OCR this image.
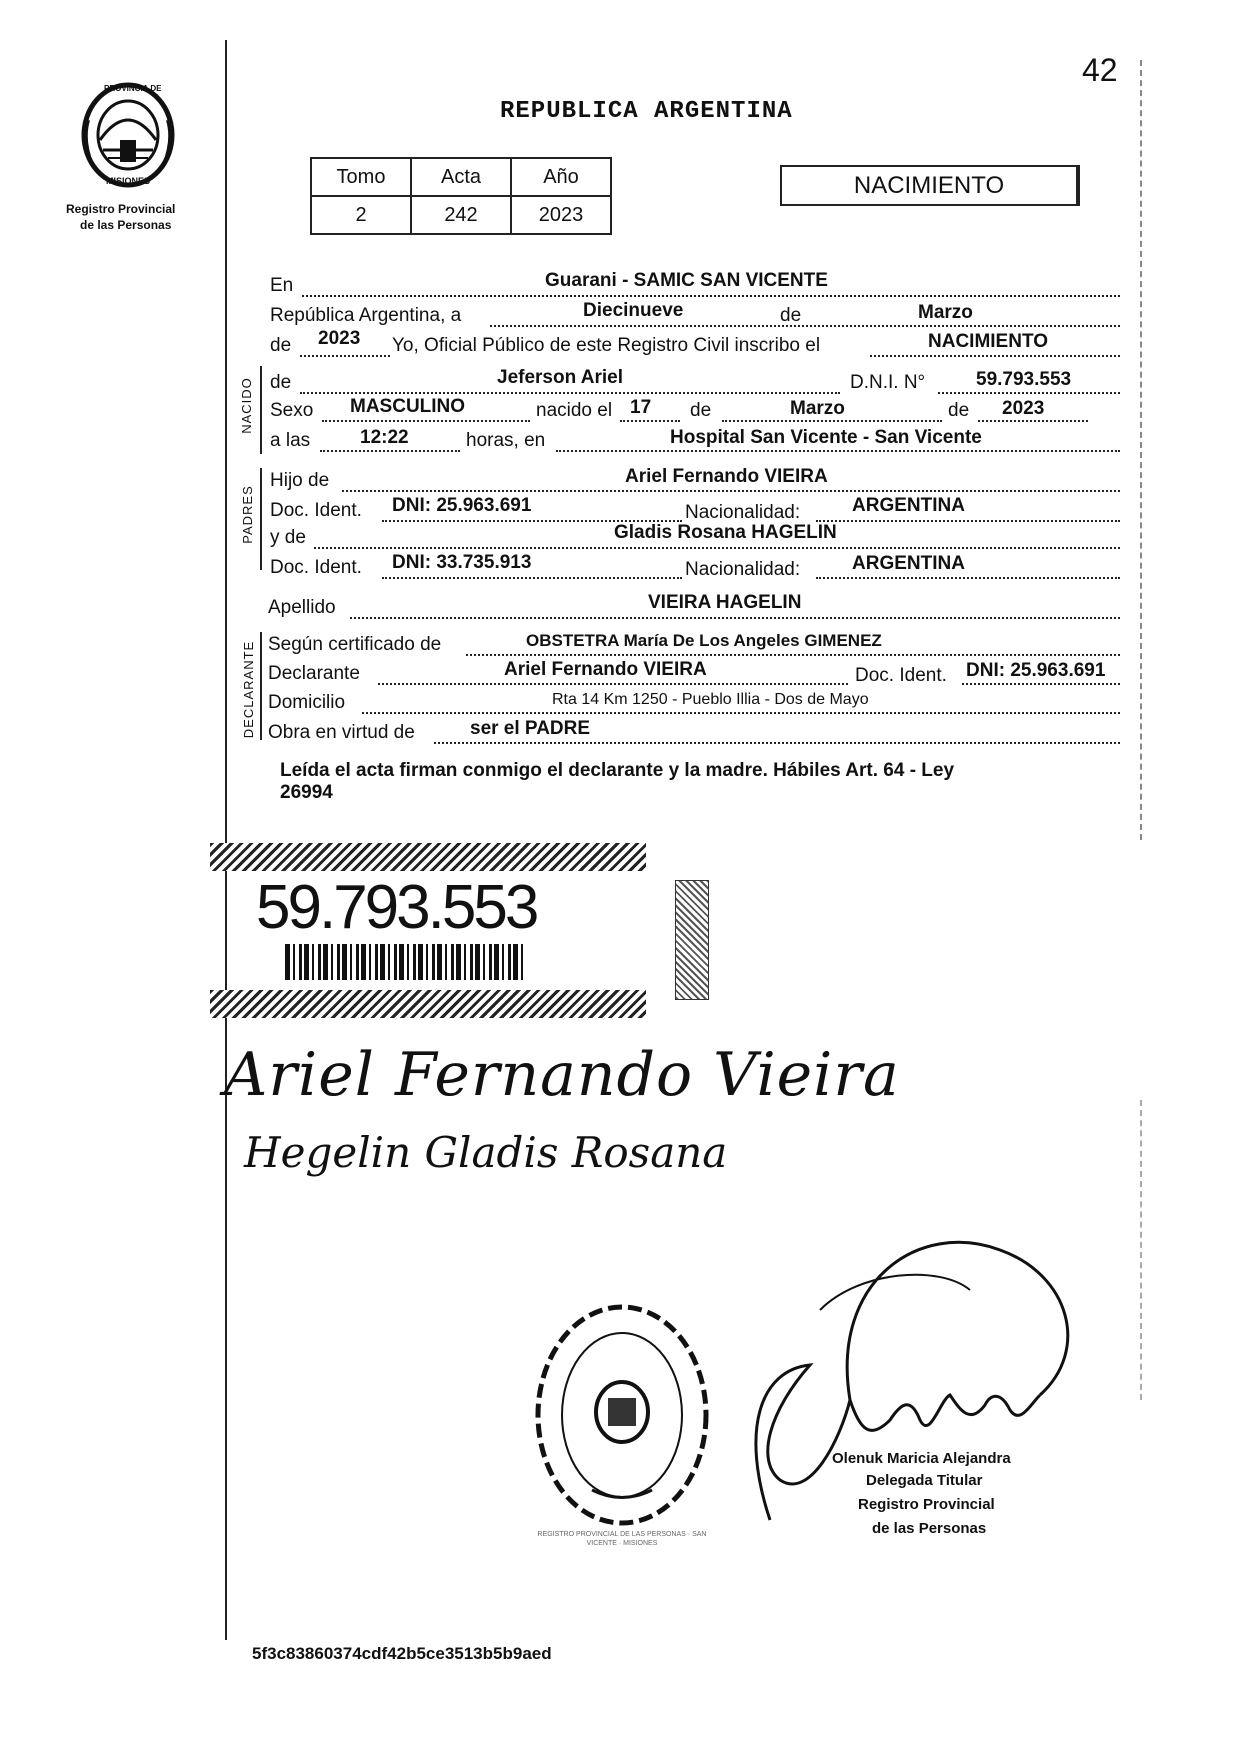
42
PROVINCIA DE
MISIONES
Registro Provincial
de las Personas
REPUBLICA ARGENTINA
NACIMIENTO
Tomo	Acta	Año
2	242	2023
NACIDO
PADRES
DECLARANTE
En	Guarani - SAMIC SAN VICENTE
República Argentina, a	Diecinueve	de	Marzo
de 2023 Yo, Oficial Público de este Registro Civil inscribo el	NACIMIENTO
de	Jeferson Ariel	D.N.I. N°	59.793.553
Sexo MASCULINO	nacido el 17 de	Marzo	de 2023
a las	12:22	horas, en	Hospital San Vicente - San Vicente
Hijo de	Ariel Fernando VIEIRA
Doc. Ident. DNI: 25.963.691	Nacionalidad:	ARGENTINA
y de	Gladis Rosana HAGELIN
Doc. Ident. DNI: 33.735.913	Nacionalidad:	ARGENTINA
Apellido	VIEIRA HAGELIN
Según certificado de	OBSTETRA María De Los Angeles GIMENEZ
Declarante	Ariel Fernando VIEIRA	Doc. Ident. DNI: 25.963.691
Domicilio	Rta 14 Km 1250 - Pueblo Illia - Dos de Mayo
Obra en virtud de	ser el PADRE
Leída el acta firman conmigo el declarante y la madre. Hábiles Art. 64 - Ley
26994
59.793.553
Ariel Fernando Vieira
Hegelin Gladis Rosana
REGISTRO PROVINCIAL DE LAS PERSONAS · SAN VICENTE · MISIONES
Olenuk Maricia Alejandra
Delegada Titular
Registro Provincial
de las Personas
5f3c83860374cdf42b5ce3513b5b9aed
